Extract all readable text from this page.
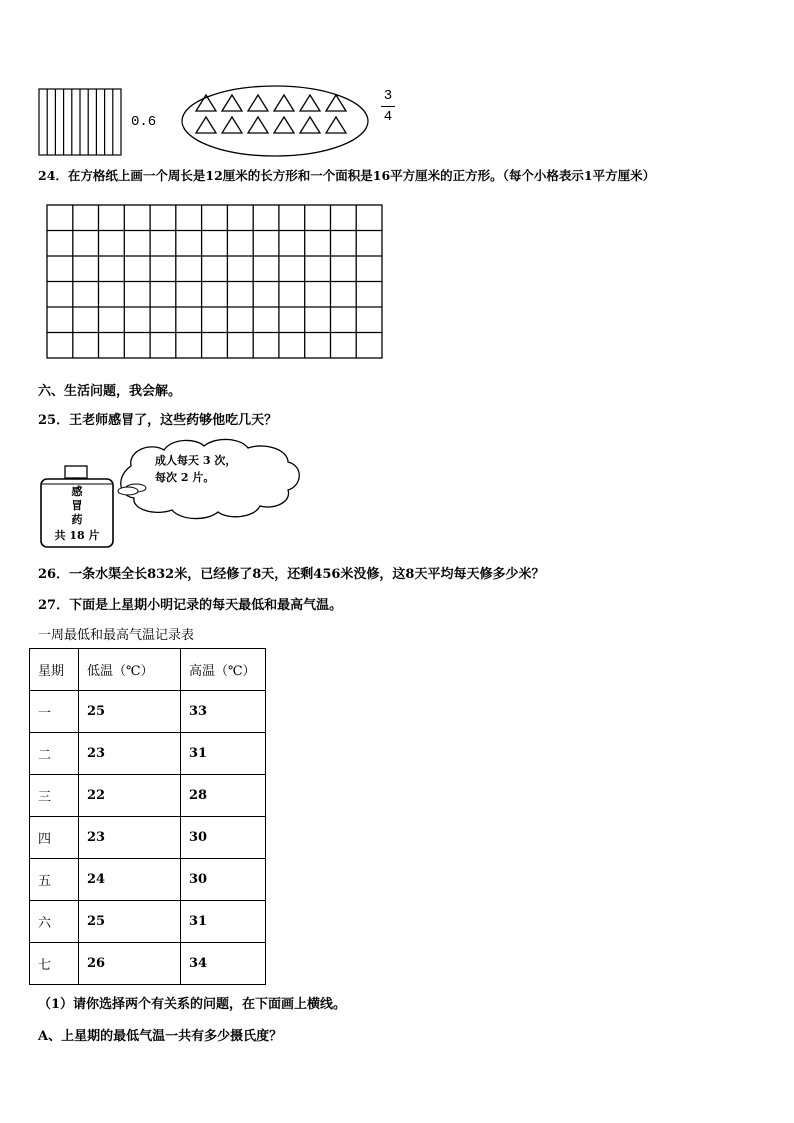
0.6
3
4
24．在方格纸上画一个周长是12厘米的长方形和一个面积是16平方厘米的正方形。（每个小格表示1平方厘米）
六、生活问题，我会解。
25．王老师感冒了，这些药够他吃几天？
成人每天 3 次，
每次 2 片。
感
冒
药
共 18 片
26．一条水渠全长832米，已经修了8天，还剩456米没修，这8天平均每天修多少米？
27．下面是上星期小明记录的每天最低和最高气温。
一周最低和最高气温记录表
星期	低温（℃）	高温（℃）
一	25	33
二	23	31
三	22	28
四	23	30
五	24	30
六	25	31
七	26	34
（1）请你选择两个有关系的问题，在下面画上横线。
A、上星期的最低气温一共有多少摄氏度？
